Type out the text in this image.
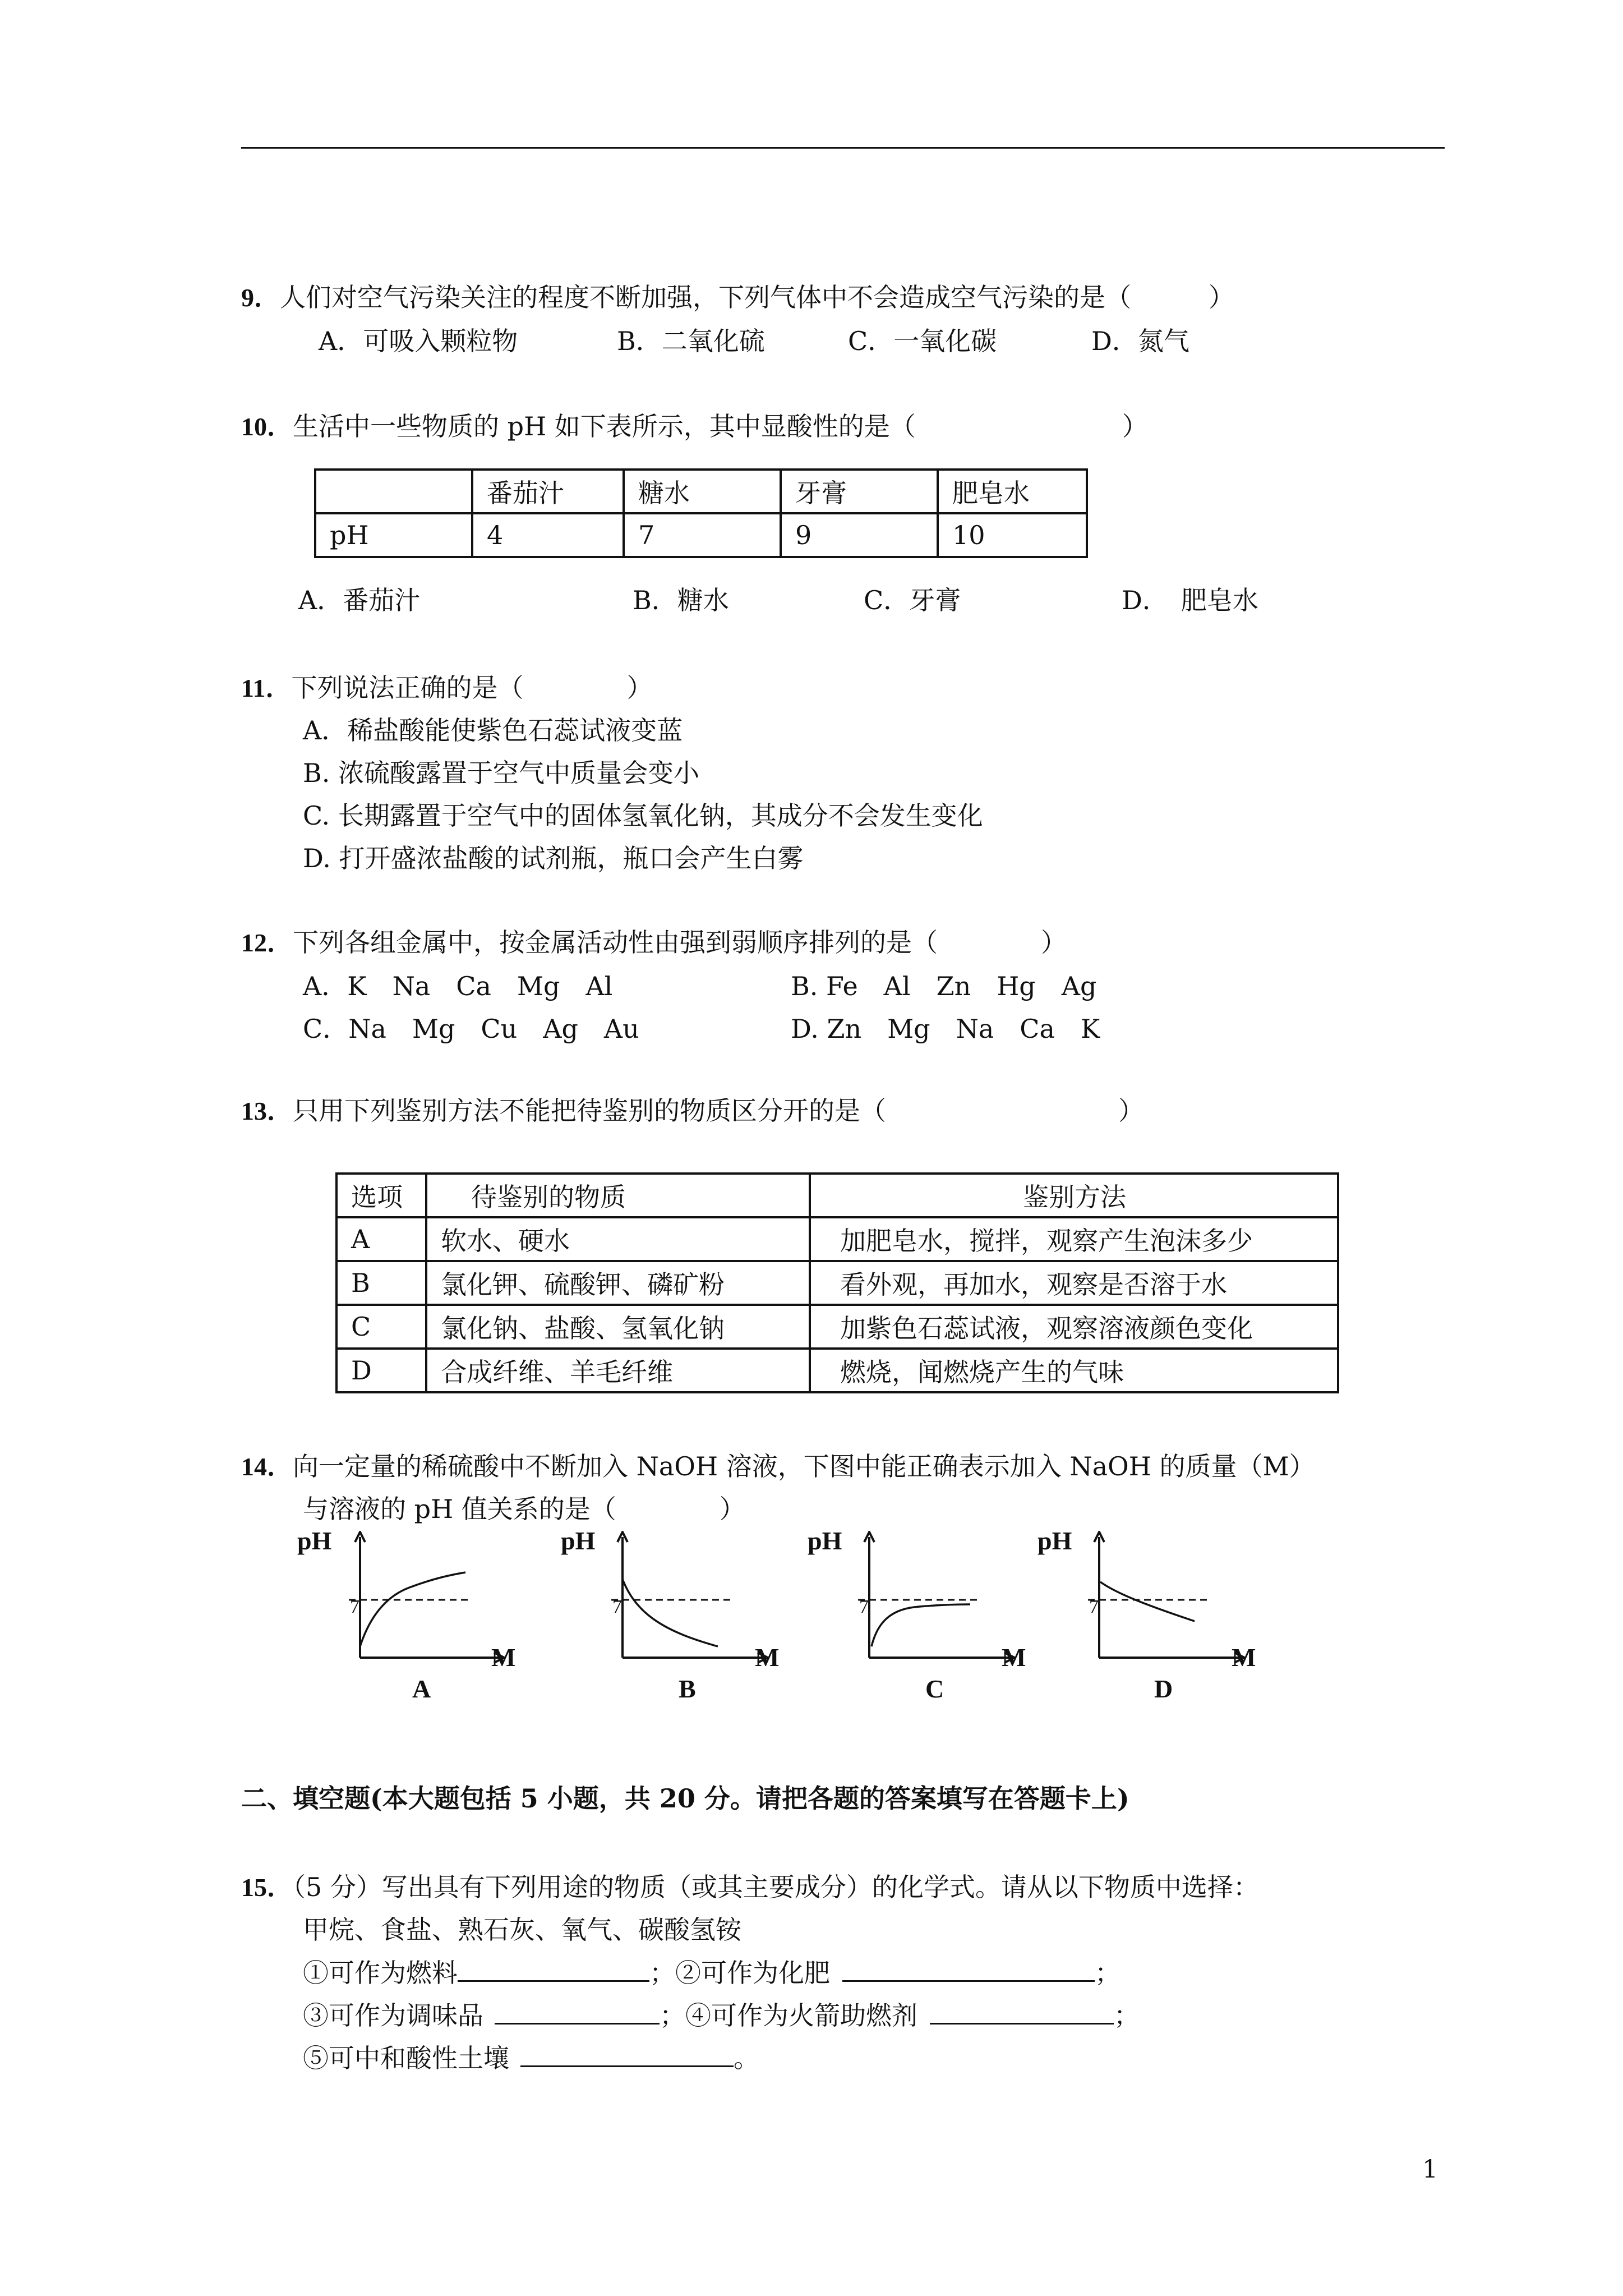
9．人们对空气污染关注的程度不断加强，下列气体中不会造成空气污染的是（　　　）
A．可吸入颗粒物	B．二氧化硫	C．一氧化碳	D．氮气
10．生活中一些物质的 pH 如下表所示，其中显酸性的是（　　　　　　　　）
	番茄汁	糖水	牙膏	肥皂水
pH	4	7	9	10
A．番茄汁	B．糖水	C．牙膏	D．　肥皂水
11．下列说法正确的是（　　　　）
A．稀盐酸能使紫色石蕊试液变蓝
B. 浓硫酸露置于空气中质量会变小
C. 长期露置于空气中的固体氢氧化钠，其成分不会发生变化
D. 打开盛浓盐酸的试剂瓶，瓶口会产生白雾
12．下列各组金属中，按金属活动性由强到弱顺序排列的是（　　　　）
A．K　Na　Ca　Mg　Al	B. Fe　Al　Zn　Hg　Ag
C．Na　Mg　Cu　Ag　Au	D. Zn　Mg　Na　Ca　K
13．只用下列鉴别方法不能把待鉴别的物质区分开的是（　　　　　　　　　）
选项	待鉴别的物质	鉴别方法
A	软水、硬水	加肥皂水，搅拌，观察产生泡沫多少
B	氯化钾、硫酸钾、磷矿粉	看外观，再加水，观察是否溶于水
C	氯化钠、盐酸、氢氧化钠	加紫色石蕊试液，观察溶液颜色变化
D	合成纤维、羊毛纤维	燃烧，闻燃烧产生的气味
14．向一定量的稀硫酸中不断加入 NaOH 溶液，下图中能正确表示加入 NaOH 的质量（M）
与溶液的 pH 值关系的是（　　　　）
pH
7
M
A
pH
7
M
B
pH
7
M
C
pH
7
M
D
二、填空题(本大题包括 5 小题，共 20 分。请把各题的答案填写在答题卡上)
15．（5 分）写出具有下列用途的物质（或其主要成分）的化学式。请从以下物质中选择：
甲烷、食盐、熟石灰、氧气、碳酸氢铵
①可作为燃料	；②可作为化肥	；
③可作为调味品	；④可作为火箭助燃剂	；
⑤可中和酸性土壤	。
1
